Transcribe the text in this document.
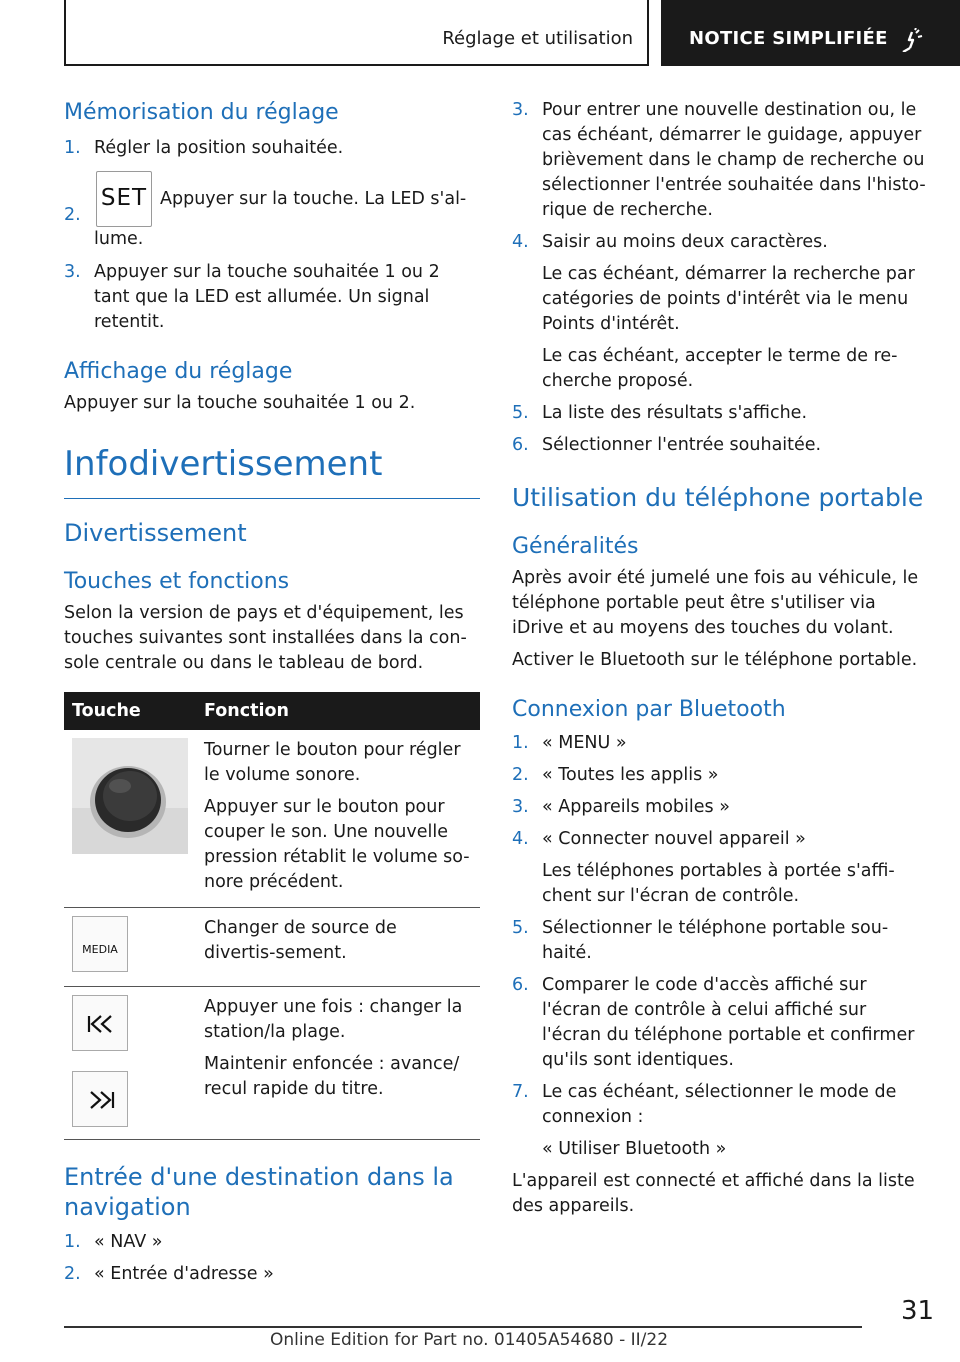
Réglage et utilisation	NOTICE SIMPLIFIÉE
Mémorisation du réglage
1. Régler la position souhaitée.
2.
SET Appuyer sur la touche. La LED s'al-lume.
3. Appuyer sur la touche souhaitée 1 ou 2 tant que la LED est allumée. Un signal retentit.
Affichage du réglage

Appuyer sur la touche souhaitée 1 ou 2.

Infodivertissement
Divertissement
Touches et fonctions

Selon la version de pays et d'équipement, les touches suivantes sont installées dans la con-sole centrale ou dans le tableau de bord.

Touche	Fonction

Tourner le bouton pour régler le volume sonore.

Appuyer sur le bouton pour couper le son. Une nouvelle pression rétablit le volume so-nore précédent.

MEDIA	Changer de source de divertis-sement.

Appuyer une fois : changer la station/la plage.

Maintenir enfoncée : avance/ recul rapide du titre.

Entrée d'une destination dans la navigation
1. « NAV »
2. « Entrée d'adresse »
3. Pour entrer une nouvelle destination ou, le cas échéant, démarrer le guidage, appuyer brièvement dans le champ de recherche ou sélectionner l'entrée souhaitée dans l'histo-rique de recherche.
4. Saisir au moins deux caractères.
Le cas échéant, démarrer la recherche par catégories de points d'intérêt via le menu Points d'intérêt.
Le cas échéant, accepter le terme de re-cherche proposé.
5. La liste des résultats s'affiche.
6. Sélectionner l'entrée souhaitée.
Utilisation du téléphone portable
Généralités

Après avoir été jumelé une fois au véhicule, le téléphone portable peut être s'utiliser via iDrive et au moyens des touches du volant.

Activer le Bluetooth sur le téléphone portable.

Connexion par Bluetooth
1. « MENU »
2. « Toutes les applis »
3. « Appareils mobiles »
4. « Connecter nouvel appareil »
Les téléphones portables à portée s'affi-chent sur l'écran de contrôle.
5. Sélectionner le téléphone portable sou-haité.
6. Comparer le code d'accès affiché sur l'écran de contrôle à celui affiché sur l'écran du téléphone portable et confirmer qu'ils sont identiques.
7. Le cas échéant, sélectionner le mode de connexion :
« Utiliser Bluetooth »

L'appareil est connecté et affiché dans la liste des appareils.

31
Online Edition for Part no. 01405A54680 - II/22
